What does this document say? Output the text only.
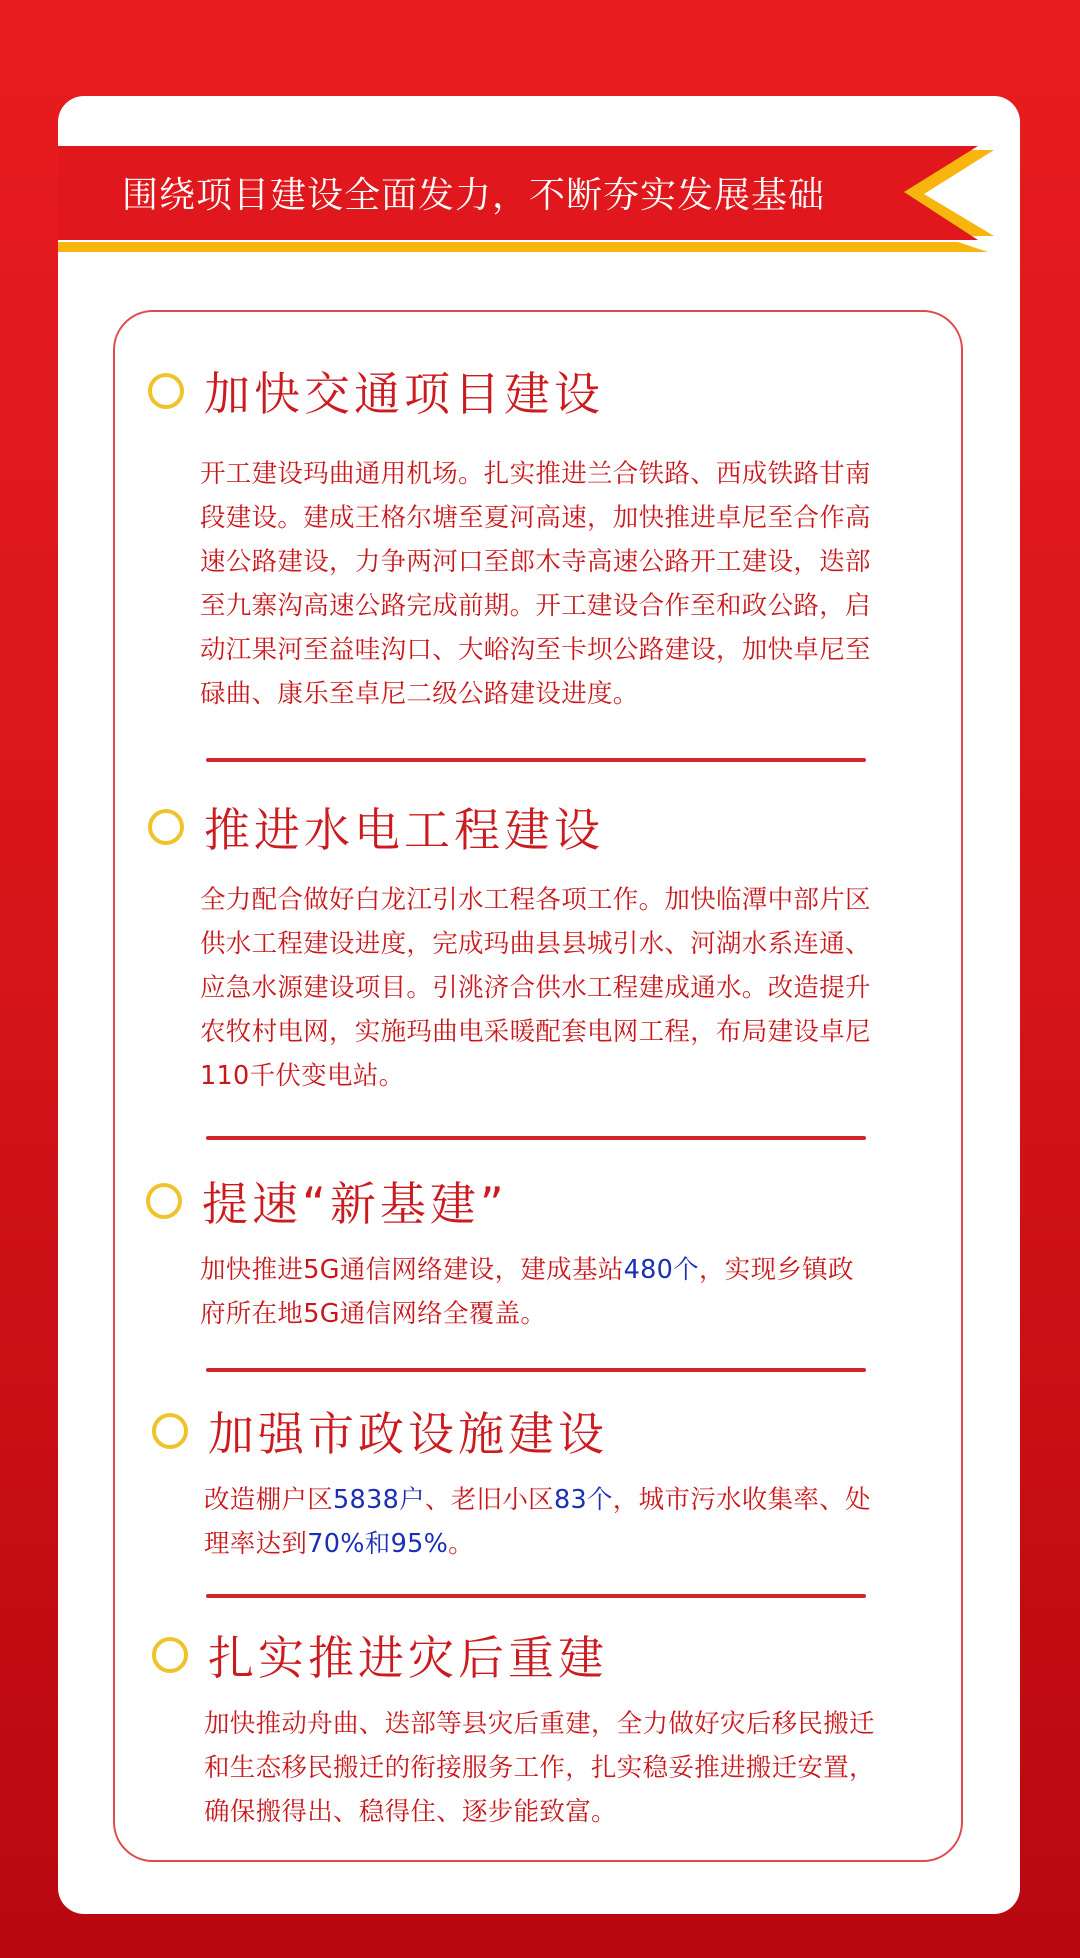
围绕项目建设全面发力，不断夯实发展基础
加快交通项目建设
开工建设玛曲通用机场。扎实推进兰合铁路、西成铁路甘南段建设。建成王格尔塘至夏河高速，加快推进卓尼至合作高速公路建设，力争两河口至郎木寺高速公路开工建设，迭部至九寨沟高速公路完成前期。开工建设合作至和政公路，启动江果河至益哇沟口、大峪沟至卡坝公路建设，加快卓尼至碌曲、康乐至卓尼二级公路建设进度。
推进水电工程建设
全力配合做好白龙江引水工程各项工作。加快临潭中部片区供水工程建设进度，完成玛曲县县城引水、河湖水系连通、应急水源建设项目。引洮济合供水工程建成通水。改造提升农牧村电网，实施玛曲电采暖配套电网工程，布局建设卓尼110千伏变电站。
提速“新基建”
加快推进5G通信网络建设，建成基站480个，实现乡镇政府所在地5G通信网络全覆盖。
加强市政设施建设
改造棚户区5838户、老旧小区83个，城市污水收集率、处理率达到70%和95%。
扎实推进灾后重建
加快推动舟曲、迭部等县灾后重建，全力做好灾后移民搬迁和生态移民搬迁的衔接服务工作，扎实稳妥推进搬迁安置，确保搬得出、稳得住、逐步能致富。
